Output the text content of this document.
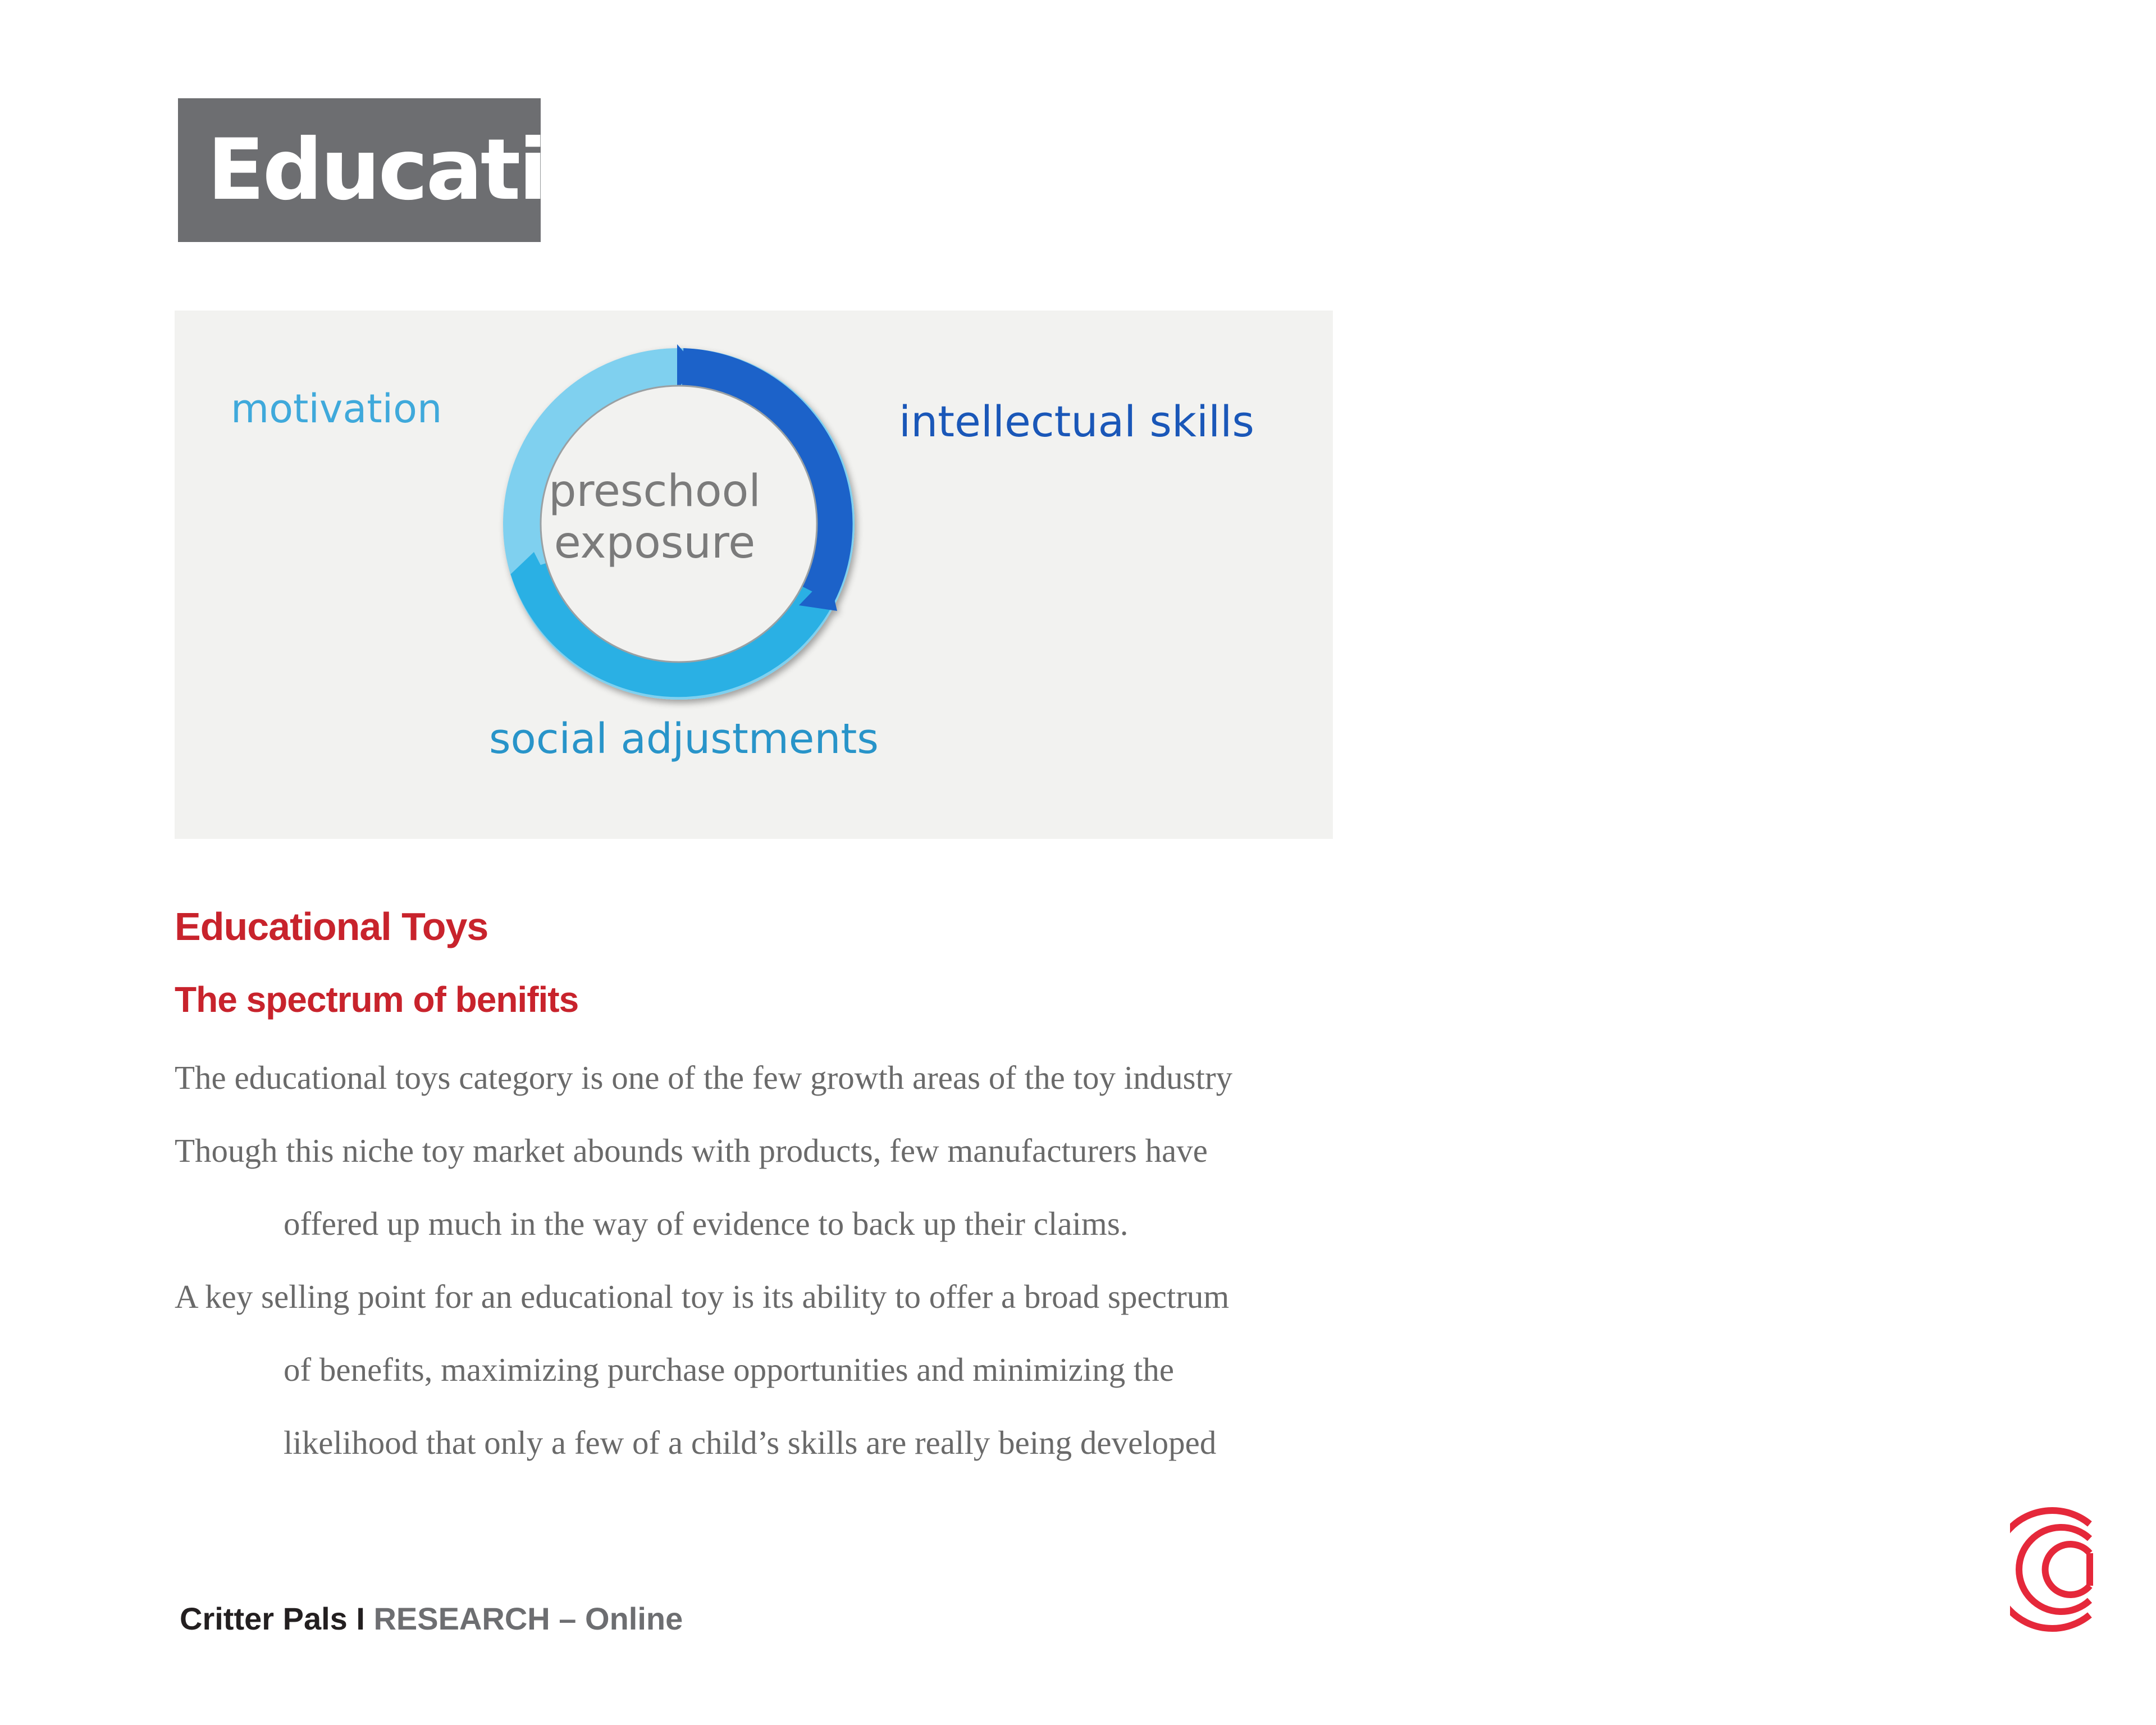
Education
motivation	intellectual skills
social adjustments
preschool
exposure
Educational Toys
The spectrum of benifits
The educational toys category is one of the few growth areas of the toy industry
Though this niche toy market abounds with products, few manufacturers have
offered up much in the way of evidence to back up their claims.
A key selling point for an educational toy is its ability to offer a broad spectrum
of benefits, maximizing purchase opportunities and minimizing the
likelihood that only a few of a child’s skills are really being developed
Critter Pals I RESEARCH – Online
